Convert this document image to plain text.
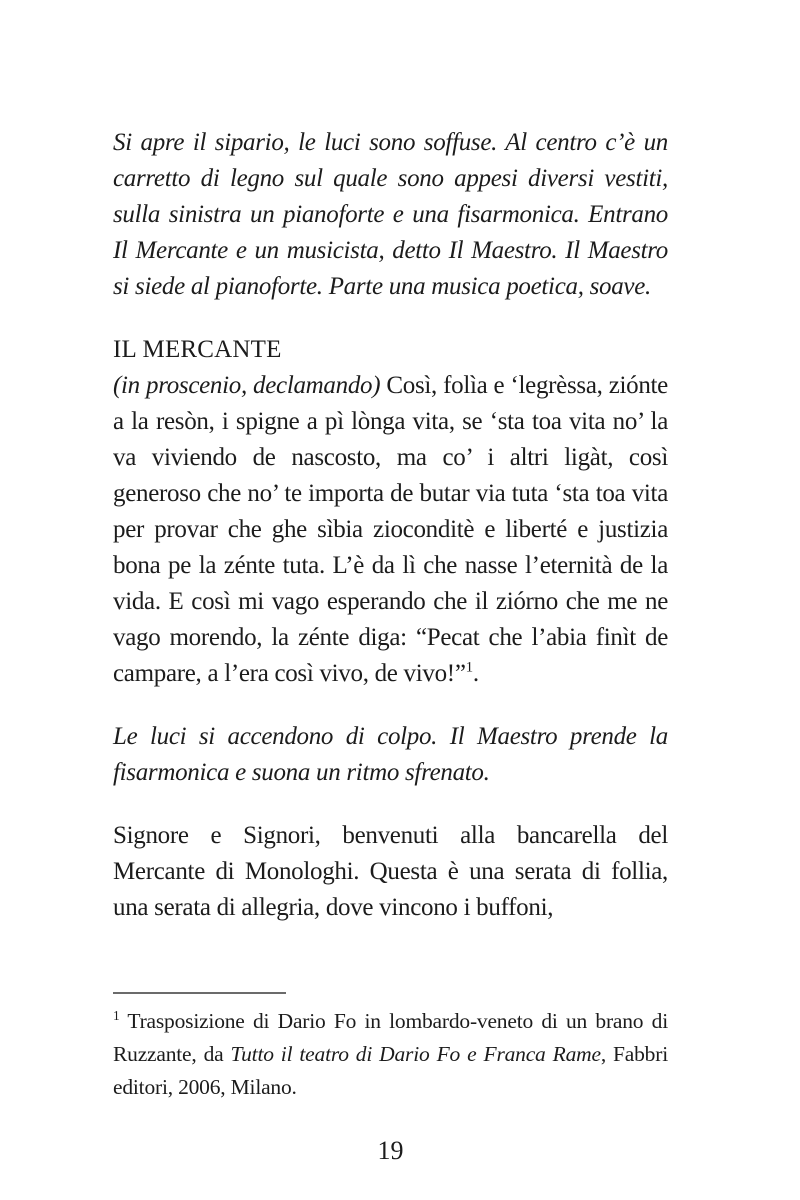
Si apre il sipario, le luci sono soffuse. Al centro c’è un carretto di legno sul quale sono appesi diversi vestiti, sulla sinistra un pianoforte e una fisarmonica. Entrano Il Mercante e un musicista, detto Il Maestro. Il Maestro si siede al pianoforte. Parte una musica poetica, soave.

IL MERCANTE

(in proscenio, declamando) Così, folìa e ‘legrèssa, ziónte a la resòn, i spigne a pì lònga vita, se ‘sta toa vita no’ la va viviendo de nascosto, ma co’ i altri ligàt, così generoso che no’ te importa de butar via tuta ‘sta toa vita per provar che ghe sìbia zioconditè e liberté e justizia bona pe la zénte tuta. L’è da lì che nasse l’eternità de la vida. E così mi vago esperando che il ziórno che me ne vago morendo, la zénte diga: “Pecat che l’abia finìt de campare, a l’era così vivo, de vivo!”$^1$.

Le luci si accendono di colpo. Il Maestro prende la fisarmonica e suona un ritmo sfrenato.

Signore e Signori, benvenuti alla bancarella del Mercante di Monologhi. Questa è una serata di follia, una serata di allegria, dove vincono i buffoni,

$^1$ Trasposizione di Dario Fo in lombardo-veneto di un brano di Ruzzante, da Tutto il teatro di Dario Fo e Franca Rame, Fabbri editori, 2006, Milano.

19
